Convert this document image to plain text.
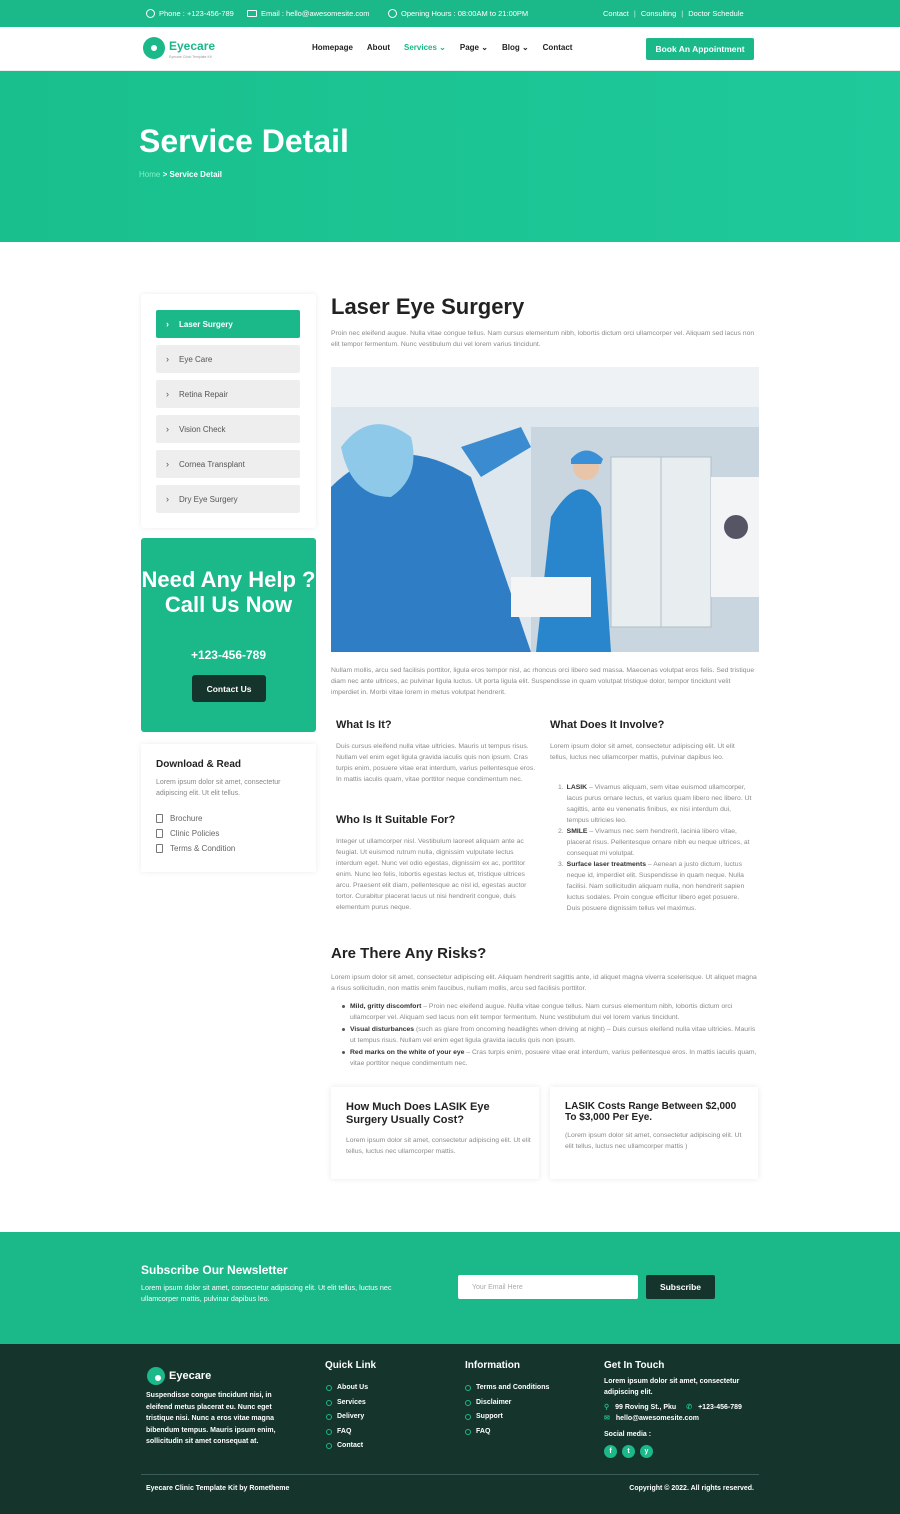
Phone : +123-456-789	Email : hello@awesomesite.com	Opening Hours : 08:00AM to 21:00PM	Contact | Consulting | Doctor Schedule
Eyecare
Eyecare Clinic Template Kit
Homepage About Services ⌄ Page ⌄ Blog ⌄ Contact	Book An Appointment
Service Detail
Home > Service Detail
› Laser Surgery
› Eye Care
› Retina Repair
› Vision Check
› Cornea Transplant
› Dry Eye Surgery
Need Any Help ? Call Us Now
+123-456-789
Contact Us
Download & Read
Lorem ipsum dolor sit amet, consectetur adipiscing elit. Ut elit tellus.
Brochure
Clinic Policies
Terms & Condition
Laser Eye Surgery
Proin nec eleifend augue. Nulla vitae congue tellus. Nam cursus elementum nibh, lobortis dictum orci ullamcorper vel. Aliquam sed lacus non elit tempor fermentum. Nunc vestibulum dui vel lorem varius tincidunt.
Nullam mollis, arcu sed facilisis porttitor, ligula eros tempor nisl, ac rhoncus orci libero sed massa. Maecenas volutpat eros felis. Sed tristique diam nec ante ultrices, ac pulvinar ligula luctus. Ut porta ligula elit. Suspendisse in quam volutpat tristique dolor, tempor tincidunt velit imperdiet in. Morbi vitae lorem in metus volutpat hendrerit.
What Is It?
Duis cursus eleifend nulla vitae ultricies. Mauris ut tempus risus. Nullam vel enim eget ligula gravida iaculis quis non ipsum. Cras turpis enim, posuere vitae erat interdum, varius pellentesque eros. In mattis iaculis quam, vitae porttitor neque condimentum nec.
Who Is It Suitable For?
Integer ut ullamcorper nisl. Vestibulum laoreet aliquam ante ac feugiat. Ut euismod rutrum nulla, dignissim vulputate lectus interdum eget. Nunc vel odio egestas, dignissim ex ac, porttitor enim. Nunc leo felis, lobortis egestas lectus et, tristique ultrices arcu. Praesent elit diam, pellentesque ac nisl id, egestas auctor tortor. Curabitur placerat lacus ut nisi hendrerit congue, duis elementum purus neque.
What Does It Involve?
Lorem ipsum dolor sit amet, consectetur adipiscing elit. Ut elit tellus, luctus nec ullamcorper mattis, pulvinar dapibus leo.
1. LASIK – Vivamus aliquam, sem vitae euismod ullamcorper, lacus purus ornare lectus, et varius quam libero nec libero. Ut sagittis, ante eu venenatis finibus, ex nisi interdum dui, tempus ultricies leo.
2. SMILE – Vivamus nec sem hendrerit, lacinia libero vitae, placerat risus. Pellentesque ornare nibh eu neque ultrices, at consequat mi volutpat.
3. Surface laser treatments – Aenean a justo dictum, luctus neque id, imperdiet elit. Suspendisse in quam neque. Nulla facilisi. Nam sollicitudin aliquam nulla, non hendrerit sapien luctus sodales. Proin congue efficitur libero eget posuere. Duis posuere dignissim tellus vel maximus.
Are There Any Risks?
Lorem ipsum dolor sit amet, consectetur adipiscing elit. Aliquam hendrerit sagittis ante, id aliquet magna viverra scelerisque. Ut aliquet magna a risus sollicitudin, non mattis enim faucibus, nullam mollis, arcu sed facilisis porttitor.
Mild, gritty discomfort – Proin nec eleifend augue. Nulla vitae congue tellus. Nam cursus elementum nibh, lobortis dictum orci ullamcorper vel. Aliquam sed lacus non elit tempor fermentum. Nunc vestibulum dui vel lorem varius tincidunt.
Visual disturbances (such as glare from oncoming headlights when driving at night) – Duis cursus eleifend nulla vitae ultricies. Mauris ut tempus risus. Nullam vel enim eget ligula gravida iaculis quis non ipsum.
Red marks on the white of your eye – Cras turpis enim, posuere vitae erat interdum, varius pellentesque eros. In mattis iaculis quam, vitae porttitor neque condimentum nec.
How Much Does LASIK Eye Surgery Usually Cost?
Lorem ipsum dolor sit amet, consectetur adipiscing elit. Ut elit tellus, luctus nec ullamcorper mattis.
LASIK Costs Range Between $2,000 To $3,000 Per Eye.
(Lorem ipsum dolor sit amet, consectetur adipiscing elit. Ut elit tellus, luctus nec ullamcorper mattis )
Subscribe Our Newsletter

Lorem ipsum dolor sit amet, consectetur adipiscing elit. Ut elit tellus, luctus nec ullamcorper mattis, pulvinar dapibus leo.

Your Email Here	Subscribe
Eyecare
Suspendisse congue tincidunt nisi, in eleifend metus placerat eu. Nunc eget tristique nisi. Nunc a eros vitae magna bibendum tempus. Mauris ipsum enim, sollicitudin sit amet consequat at.
Quick Link
About Us
Services
Delivery
FAQ
Contact
Information
Terms and Conditions
Disclaimer
Support
FAQ
Get In Touch
Lorem ipsum dolor sit amet, consectetur adipiscing elit.
⚲ 99 Roving St., Pku ✆ +123-456-789
✉ hello@awesomesite.com
Social media :
f	t	y
Eyecare Clinic Template Kit by Rometheme	Copyright © 2022. All rights reserved.
